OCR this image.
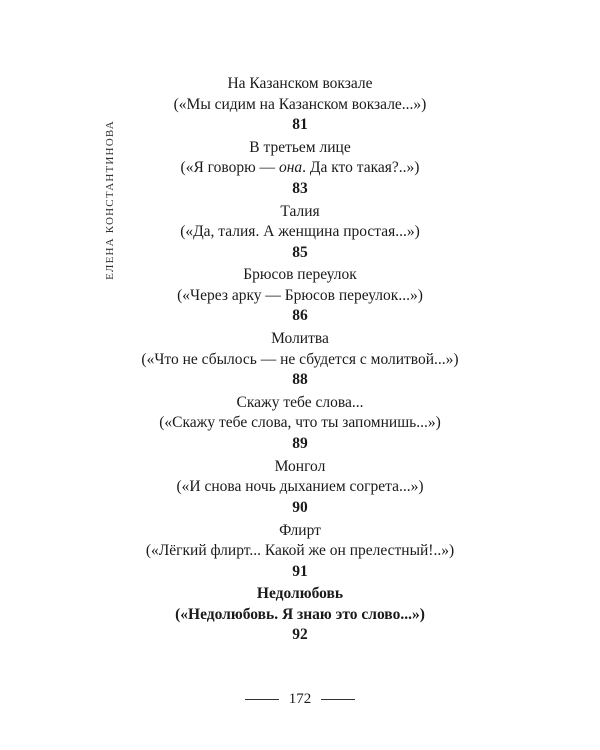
ЕЛЕНА КОНСТАНТИНОВА
На Казанском вокзале
(«Мы сидим на Казанском вокзале...»)
81
В третьем лице
(«Я говорю — она. Да кто такая?..»)
83
Талия
(«Да, талия. А женщина простая...»)
85
Брюсов переулок
(«Через арку — Брюсов переулок...»)
86
Молитва
(«Что не сбылось — не сбудется с молитвой...»)
88
Скажу тебе слова...
(«Скажу тебе слова, что ты запомнишь...»)
89
Монгол
(«И снова ночь дыханием согрета...»)
90
Флирт
(«Лёгкий флирт... Какой же он прелестный!..»)
91
Недолюбовь
(«Недолюбовь. Я знаю это слово...»)
92
172
